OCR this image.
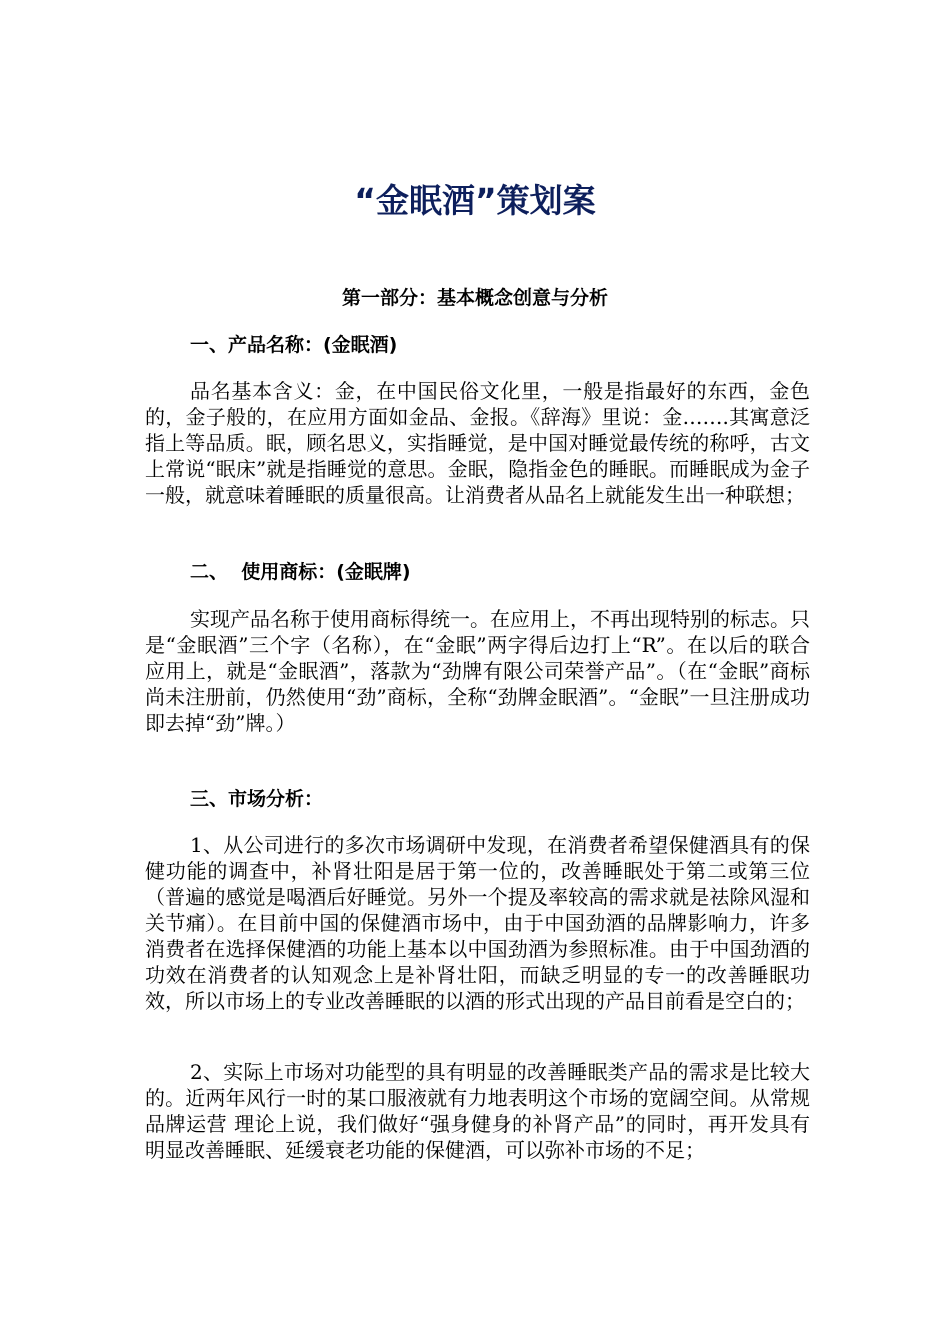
“金眠酒”策划案
第一部分：基本概念创意与分析
一、产品名称：(金眠酒)

品名基本含义：金，在中国民俗文化里，一般是指最好的东西，金色的，金子般的，在应用方面如金品、金报。《辞海》里说：金…….其寓意泛指上等品质。眠，顾名思义，实指睡觉，是中国对睡觉最传统的称呼，古文上常说“眠床”就是指睡觉的意思。金眠，隐指金色的睡眠。而睡眠成为金子一般，就意味着睡眠的质量很高。让消费者从品名上就能发生出一种联想；

二、  使用商标：(金眠牌)

实现产品名称于使用商标得统一。在应用上，不再出现特别的标志。只是“金眠酒”三个字（名称），在“金眠”两字得后边打上“R”。在以后的联合应用上，就是“金眠酒”，落款为“劲牌有限公司荣誉产品”。（在“金眠”商标尚未注册前，仍然使用“劲”商标，全称“劲牌金眠酒”。“金眠”一旦注册成功即去掉“劲”牌。）

三、市场分析：

1、从公司进行的多次市场调研中发现，在消费者希望保健酒具有的保健功能的调查中，补肾壮阳是居于第一位的，改善睡眠处于第二或第三位（普遍的感觉是喝酒后好睡觉。另外一个提及率较高的需求就是祛除风湿和关节痛）。在目前中国的保健酒市场中，由于中国劲酒的品牌影响力，许多消费者在选择保健酒的功能上基本以中国劲酒为参照标准。由于中国劲酒的功效在消费者的认知观念上是补肾壮阳，而缺乏明显的专一的改善睡眠功效，所以市场上的专业改善睡眠的以酒的形式出现的产品目前看是空白的；

2、实际上市场对功能型的具有明显的改善睡眠类产品的需求是比较大的。近两年风行一时的某口服液就有力地表明这个市场的宽阔空间。从常规品牌运营 理论上说，我们做好“强身健身的补肾产品”的同时，再开发具有明显改善睡眠、延缓衰老功能的保健酒，可以弥补市场的不足；
